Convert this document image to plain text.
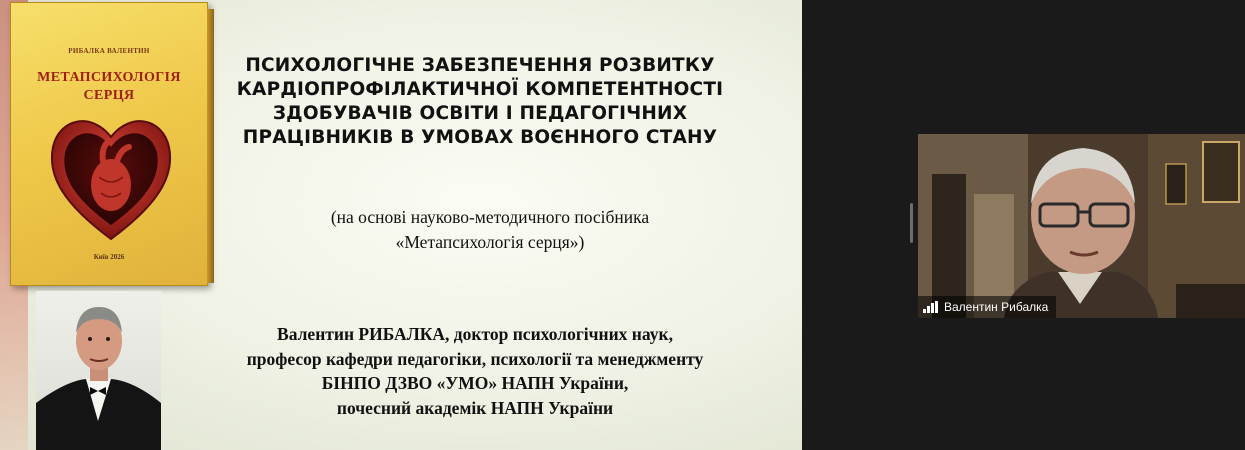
РИБАЛКА ВАЛЕНТИН
МЕТАПСИХОЛОГІЯ
СЕРЦЯ
Київ 2026
ПСИХОЛОГІЧНЕ ЗАБЕЗПЕЧЕННЯ РОЗВИТКУ
КАРДІОПРОФІЛАКТИЧНОЇ КОМПЕТЕНТНОСТІ
ЗДОБУВАЧІВ ОСВІТИ І ПЕДАГОГІЧНИХ
ПРАЦІВНИКІВ В УМОВАХ ВОЄННОГО СТАНУ
(на основі науково-методичного посібника
«Метапсихологія серця»)
Валентин РИБАЛКА, доктор психологічних наук,
професор кафедри педагогіки, психології та менеджменту
БІНПО ДЗВО «УМО» НАПН України,
почесний академік НАПН України
Валентин Рибалка
